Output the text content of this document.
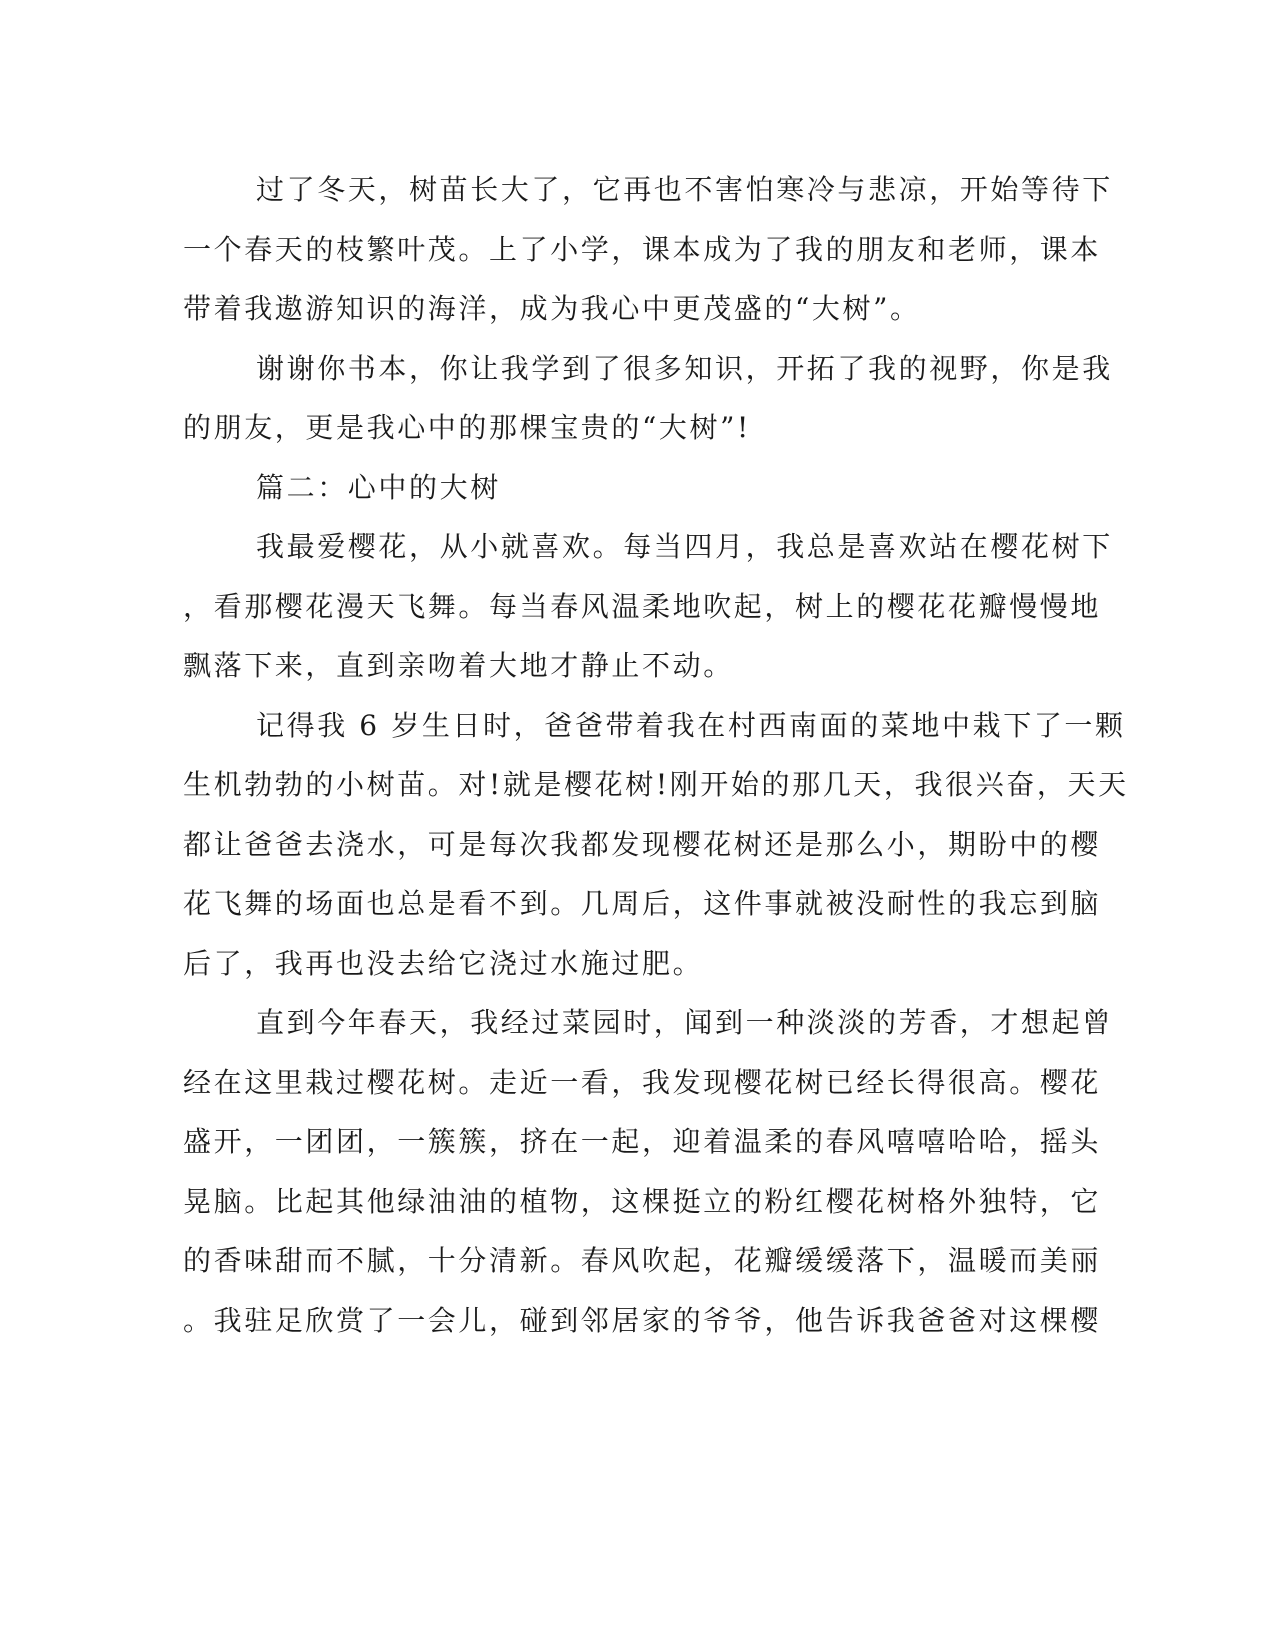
过了冬天，树苗长大了，它再也不害怕寒冷与悲凉，开始等待下
一个春天的枝繁叶茂。上了小学，课本成为了我的朋友和老师，课本
带着我遨游知识的海洋，成为我心中更茂盛的“大树”。
谢谢你书本，你让我学到了很多知识，开拓了我的视野，你是我
的朋友，更是我心中的那棵宝贵的“大树”!
篇二：心中的大树
我最爱樱花，从小就喜欢。每当四月，我总是喜欢站在樱花树下
，看那樱花漫天飞舞。每当春风温柔地吹起，树上的樱花花瓣慢慢地
飘落下来，直到亲吻着大地才静止不动。
记得我 6 岁生日时，爸爸带着我在村西南面的菜地中栽下了一颗
生机勃勃的小树苗。对!就是樱花树!刚开始的那几天，我很兴奋，天天
都让爸爸去浇水，可是每次我都发现樱花树还是那么小，期盼中的樱
花飞舞的场面也总是看不到。几周后，这件事就被没耐性的我忘到脑
后了，我再也没去给它浇过水施过肥。
直到今年春天，我经过菜园时，闻到一种淡淡的芳香，才想起曾
经在这里栽过樱花树。走近一看，我发现樱花树已经长得很高。樱花
盛开，一团团，一簇簇，挤在一起，迎着温柔的春风嘻嘻哈哈，摇头
晃脑。比起其他绿油油的植物，这棵挺立的粉红樱花树格外独特，它
的香味甜而不腻，十分清新。春风吹起，花瓣缓缓落下，温暖而美丽
。我驻足欣赏了一会儿，碰到邻居家的爷爷，他告诉我爸爸对这棵樱
